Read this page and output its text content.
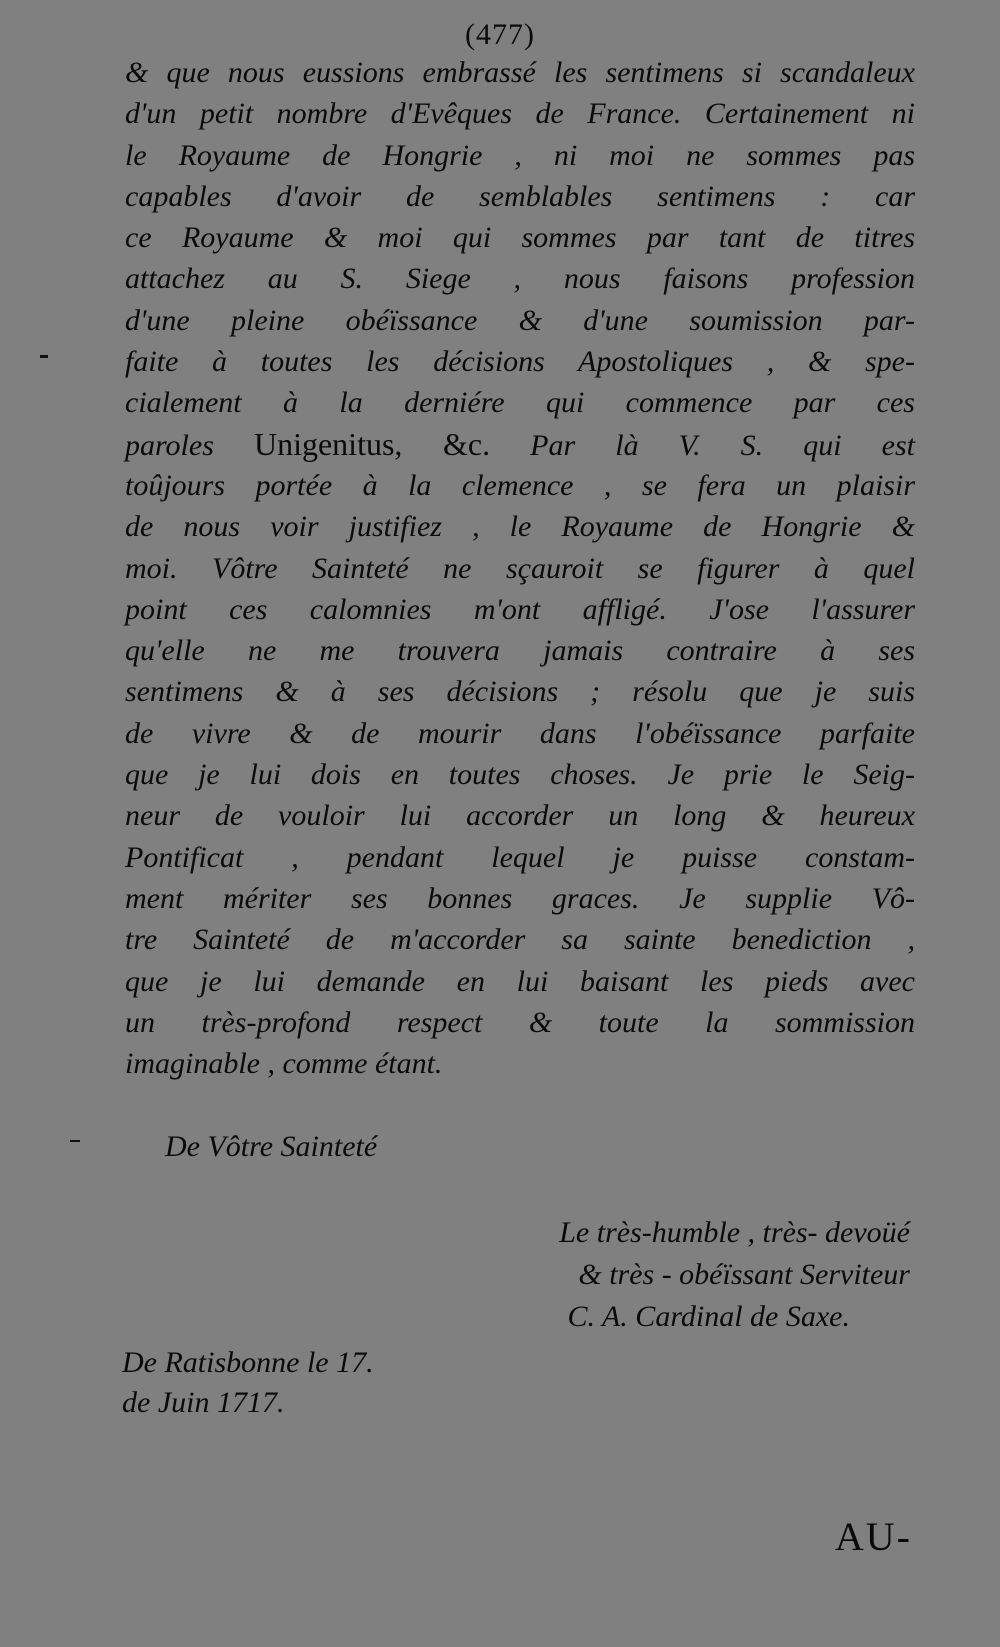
(477)
& que nous eussions embrassé les sentimens si scandaleux
d'un petit nombre d'Evêques de France. Certainement ni
le Royaume de Hongrie , ni moi ne sommes pas
capables d'avoir de semblables sentimens : car
ce Royaume & moi qui sommes par tant de titres
attachez au S. Siege , nous faisons profession
d'une pleine obéïssance & d'une soumission par-
faite à toutes les décisions Apostoliques , & spe-
cialement à la derniére qui commence par ces
paroles Unigenitus, &c. Par là V. S. qui est
toûjours portée à la clemence , se fera un plaisir
de nous voir justifiez , le Royaume de Hongrie &
moi. Vôtre Sainteté ne sçauroit se figurer à quel
point ces calomnies m'ont affligé. J'ose l'assurer
qu'elle ne me trouvera jamais contraire à ses
sentimens & à ses décisions ; résolu que je suis
de vivre & de mourir dans l'obéïssance parfaite
que je lui dois en toutes choses. Je prie le Seig-
neur de vouloir lui accorder un long & heureux
Pontificat , pendant lequel je puisse constam-
ment mériter ses bonnes graces. Je supplie Vô-
tre Sainteté de m'accorder sa sainte benediction ,
que je lui demande en lui baisant les pieds avec
un très-profond respect & toute la sommission
imaginable , comme étant.
De Vôtre Sainteté
Le très-humble , très- devoüé
& très - obéïssant Serviteur
C. A. Cardinal de Saxe.
De Ratisbonne le 17.
de Juin 1717.
AU-
